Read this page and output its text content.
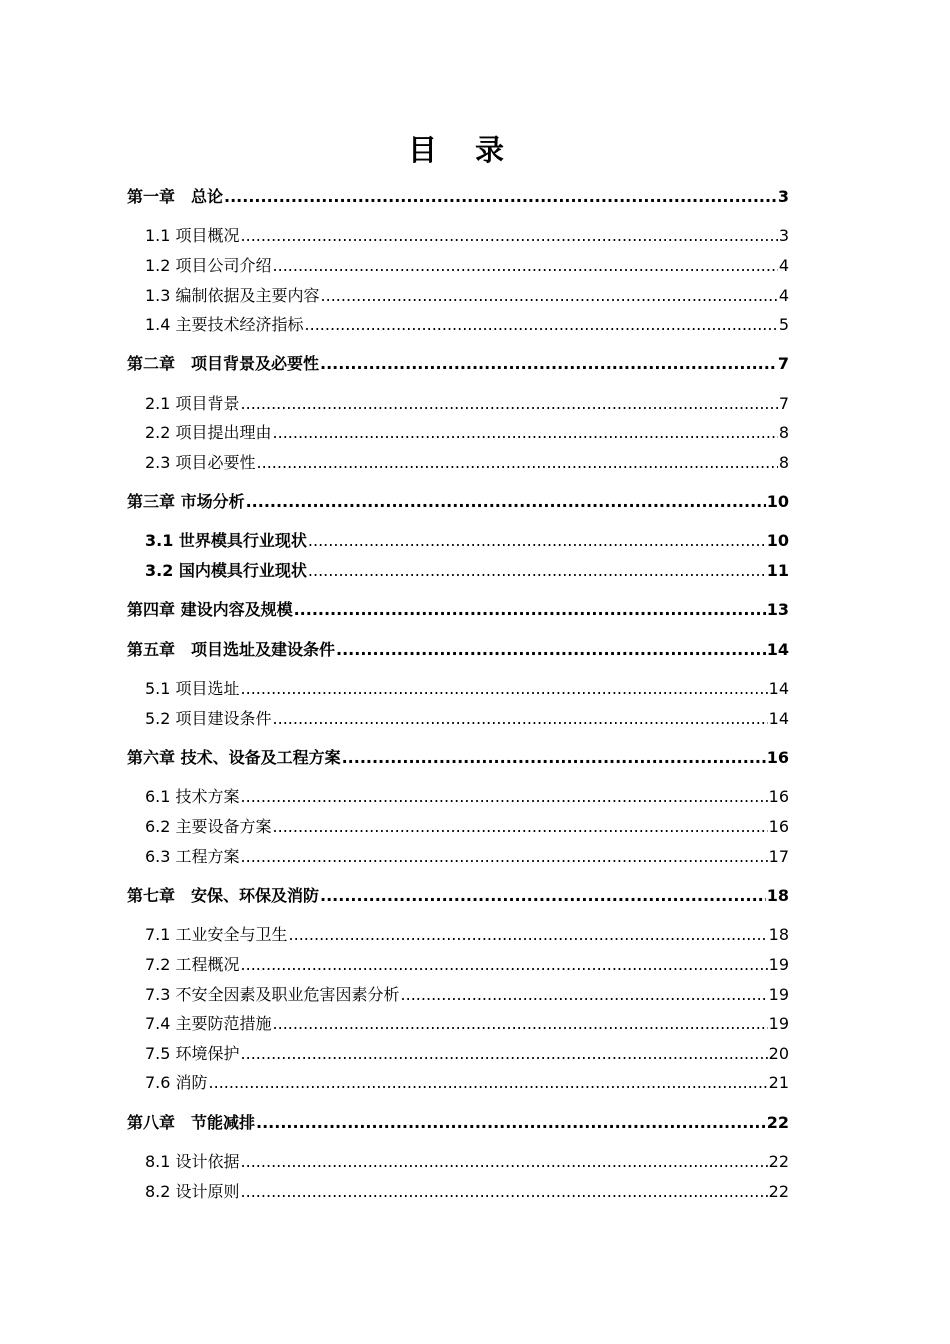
目录
第一章　总论 .....	3
1.1 项目概况 .....	3
1.2 项目公司介绍 .....	4
1.3 编制依据及主要内容 .....	4
1.4 主要技术经济指标 .....	5
第二章　项目背景及必要性 .....	7
2.1 项目背景 .....	7
2.2 项目提出理由 .....	8
2.3 项目必要性 .....	8
第三章 市场分析 .....	10
3.1 世界模具行业现状 .....	10
3.2 国内模具行业现状 .....	11
第四章 建设内容及规模 .....	13
第五章　项目选址及建设条件 .....	14
5.1 项目选址 .....	14
5.2 项目建设条件 .....	14
第六章 技术、设备及工程方案 .....	16
6.1 技术方案 .....	16
6.2 主要设备方案 .....	16
6.3 工程方案 .....	17
第七章　安保、环保及消防 .....	18
7.1 工业安全与卫生 .....	18
7.2 工程概况 .....	19
7.3 不安全因素及职业危害因素分析 .....	19
7.4 主要防范措施 .....	19
7.5 环境保护 .....	20
7.6 消防 .....	21
第八章　节能减排 .....	22
8.1 设计依据 .....	22
8.2 设计原则 .....	22
